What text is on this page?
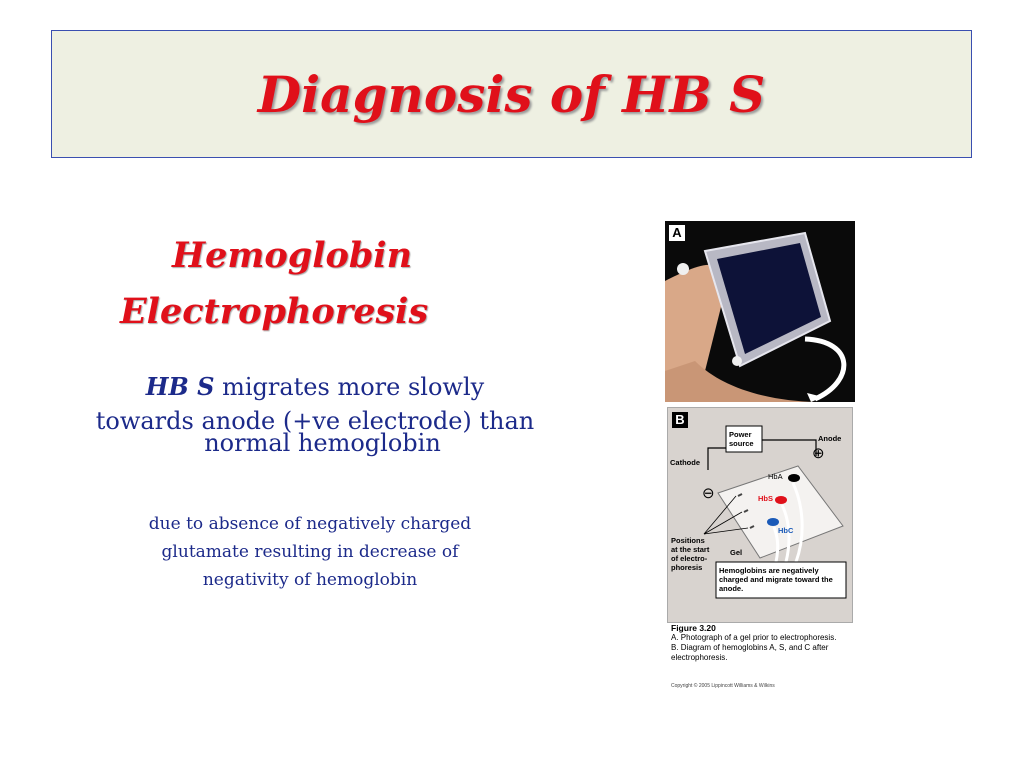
Diagnosis of HB S
Hemoglobin
Electrophoresis
HB S migrates more slowly
towards anode (+ve electrode) than
normal hemoglobin
due to absence of negatively charged
glutamate resulting in decrease of
negativity of hemoglobin
A
B
Power source
Anode
⊕
Cathode
⊖
HbA
HbS
HbC
Gel
Positions at the start of electro-phoresis	Hemoglobins are negatively charged and migrate toward the anode.
Figure 3.20
A. Photograph of a gel prior to electrophoresis.
B. Diagram of hemoglobins A, S, and C after electrophoresis.
Copyright © 2005 Lippincott Williams & Wilkins
